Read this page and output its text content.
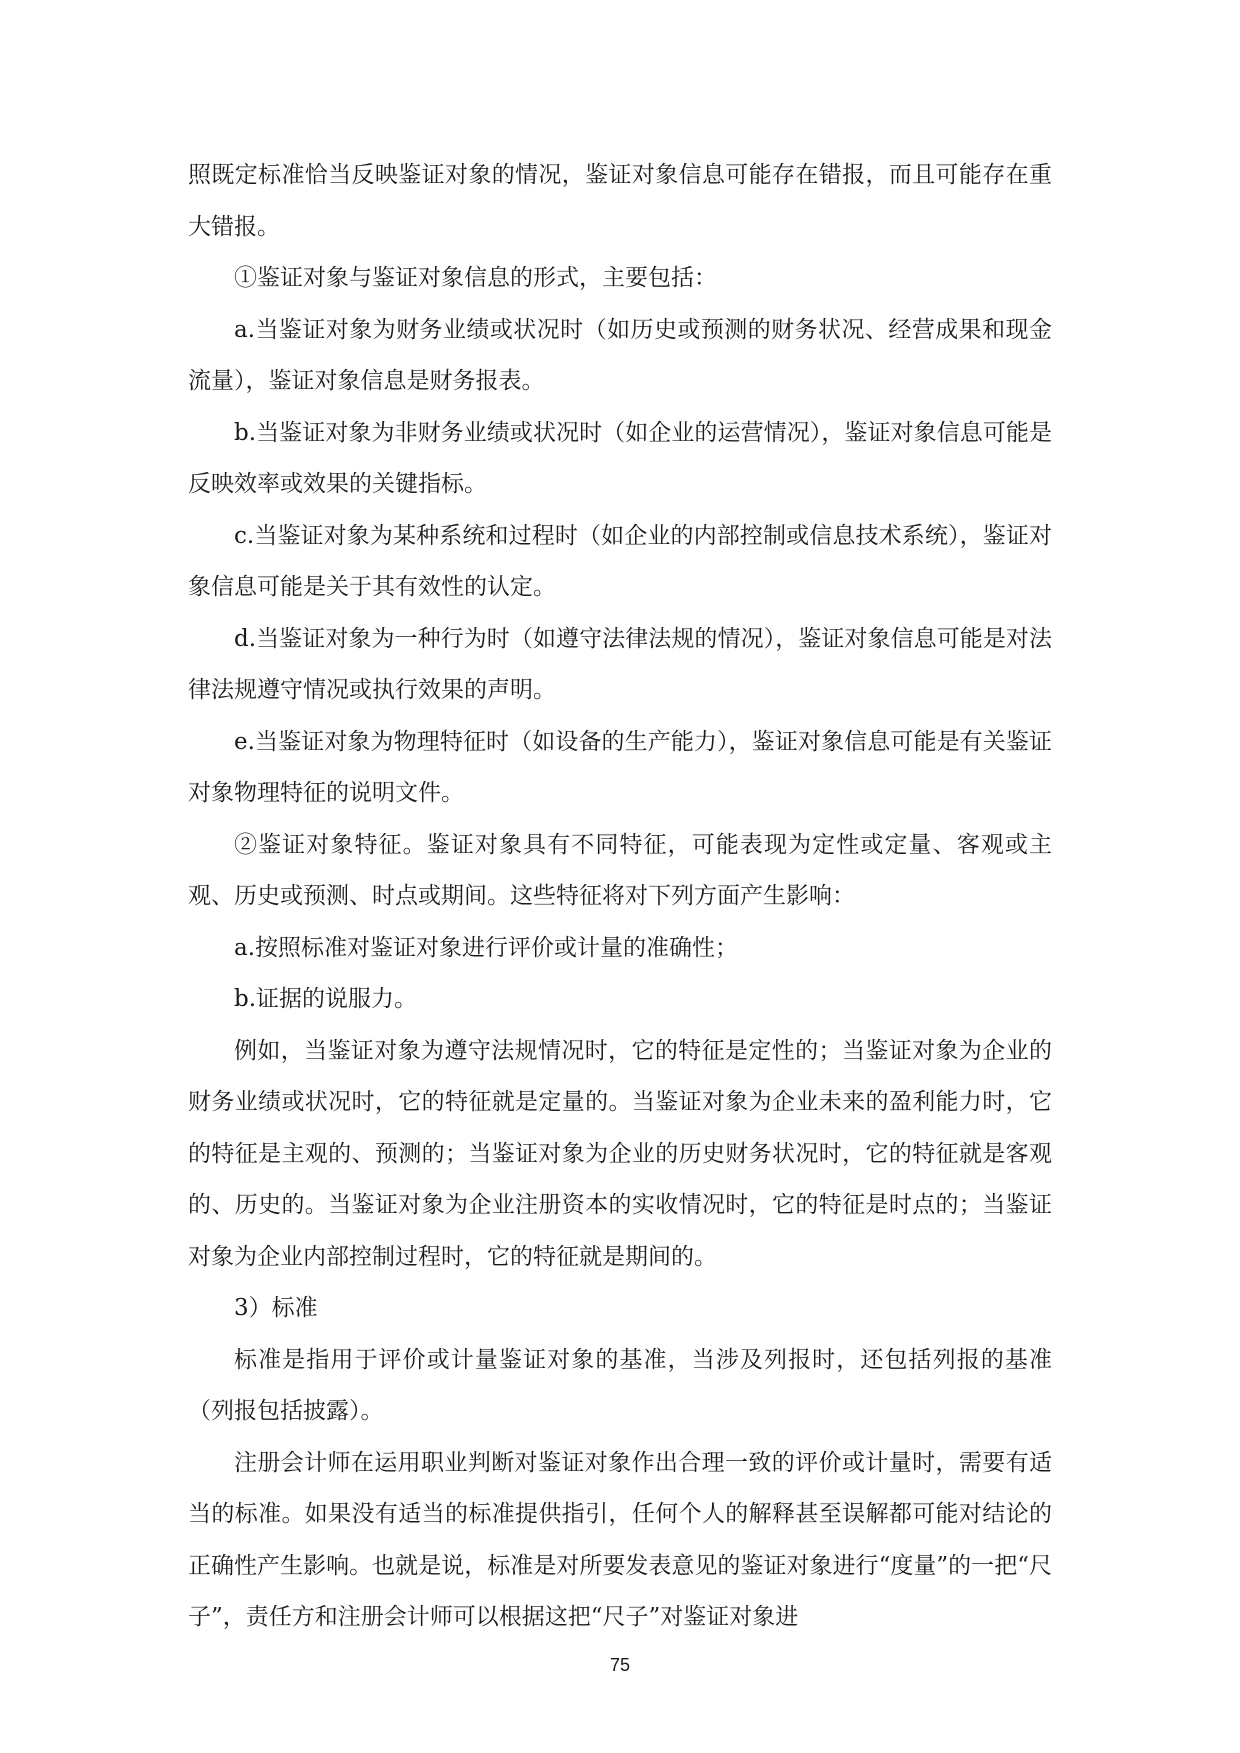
照既定标准恰当反映鉴证对象的情况，鉴证对象信息可能存在错报，而且可能存在重大错报。

①鉴证对象与鉴证对象信息的形式，主要包括：

a.当鉴证对象为财务业绩或状况时（如历史或预测的财务状况、经营成果和现金流量），鉴证对象信息是财务报表。

b.当鉴证对象为非财务业绩或状况时（如企业的运营情况），鉴证对象信息可能是反映效率或效果的关键指标。

c.当鉴证对象为某种系统和过程时（如企业的内部控制或信息技术系统），鉴证对象信息可能是关于其有效性的认定。

d.当鉴证对象为一种行为时（如遵守法律法规的情况），鉴证对象信息可能是对法律法规遵守情况或执行效果的声明。

e.当鉴证对象为物理特征时（如设备的生产能力），鉴证对象信息可能是有关鉴证对象物理特征的说明文件。

②鉴证对象特征。鉴证对象具有不同特征，可能表现为定性或定量、客观或主观、历史或预测、时点或期间。这些特征将对下列方面产生影响：

a.按照标准对鉴证对象进行评价或计量的准确性；

b.证据的说服力。

例如，当鉴证对象为遵守法规情况时，它的特征是定性的；当鉴证对象为企业的财务业绩或状况时，它的特征就是定量的。当鉴证对象为企业未来的盈利能力时，它的特征是主观的、预测的；当鉴证对象为企业的历史财务状况时，它的特征就是客观的、历史的。当鉴证对象为企业注册资本的实收情况时，它的特征是时点的；当鉴证对象为企业内部控制过程时，它的特征就是期间的。

3）标准

标准是指用于评价或计量鉴证对象的基准，当涉及列报时，还包括列报的基准（列报包括披露）。

注册会计师在运用职业判断对鉴证对象作出合理一致的评价或计量时，需要有适当的标准。如果没有适当的标准提供指引，任何个人的解释甚至误解都可能对结论的正确性产生影响。也就是说，标准是对所要发表意见的鉴证对象进行“度量”的一把“尺子”，责任方和注册会计师可以根据这把“尺子”对鉴证对象进

75
